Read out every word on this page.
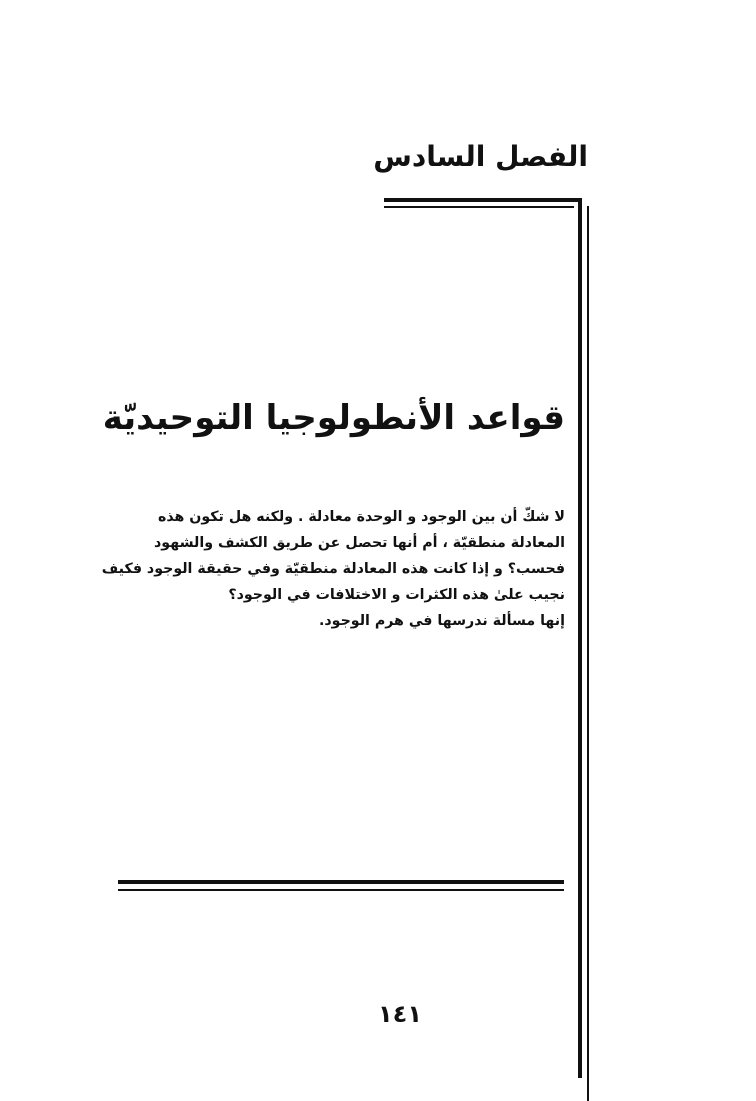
الفصل السادس
قواعد الأنطولوجيا التوحيديّة
لا شكّ أن بين الوجود و الوحدة معادلة . ولكنه هل تكون هذه
المعادلة منطقيّة ، أم أنها تحصل عن طريق الكشف والشهود
فحسب؟ و إذا كانت هذه المعادلة منطقيّة وفي حقيقة الوجود فكيف
نجيب علىٰ هذه الكثرات و الاختلافات في الوجود؟
إنها مسألة ندرسها في هرم الوجود.
١٤١
